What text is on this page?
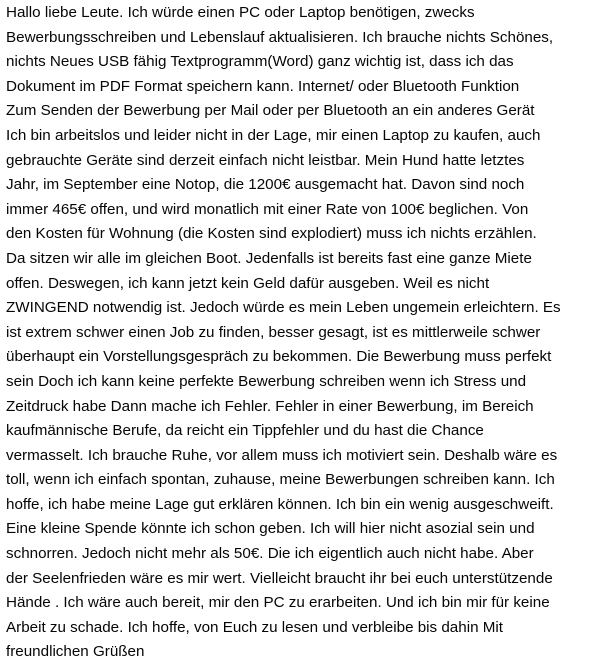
Hallo liebe Leute. Ich würde einen PC oder Laptop benötigen, zwecks
Bewerbungsschreiben und Lebenslauf aktualisieren. Ich brauche nichts Schönes,
nichts Neues USB fähig Textprogramm(Word) ganz wichtig ist, dass ich das
Dokument im PDF Format speichern kann. Internet/ oder Bluetooth Funktion
Zum Senden der Bewerbung per Mail oder per Bluetooth an ein anderes Gerät
Ich bin arbeitslos und leider nicht in der Lage, mir einen Laptop zu kaufen, auch
gebrauchte Geräte sind derzeit einfach nicht leistbar. Mein Hund hatte letztes
Jahr, im September eine Notop, die 1200€ ausgemacht hat. Davon sind noch
immer 465€ offen, und wird monatlich mit einer Rate von 100€ beglichen. Von
den Kosten für Wohnung (die Kosten sind explodiert) muss ich nichts erzählen.
Da sitzen wir alle im gleichen Boot. Jedenfalls ist bereits fast eine ganze Miete
offen. Deswegen, ich kann jetzt kein Geld dafür ausgeben. Weil es nicht
ZWINGEND notwendig ist. Jedoch würde es mein Leben ungemein erleichtern. Es
ist extrem schwer einen Job zu finden, besser gesagt, ist es mittlerweile schwer
überhaupt ein Vorstellungsgespräch zu bekommen. Die Bewerbung muss perfekt
sein Doch ich kann keine perfekte Bewerbung schreiben wenn ich Stress und
Zeitdruck habe Dann mache ich Fehler. Fehler in einer Bewerbung, im Bereich
kaufmännische Berufe, da reicht ein Tippfehler und du hast die Chance
vermasselt. Ich brauche Ruhe, vor allem muss ich motiviert sein. Deshalb wäre es
toll, wenn ich einfach spontan, zuhause, meine Bewerbungen schreiben kann. Ich
hoffe, ich habe meine Lage gut erklären können. Ich bin ein wenig ausgeschweift.
Eine kleine Spende könnte ich schon geben. Ich will hier nicht asozial sein und
schnorren. Jedoch nicht mehr als 50€. Die ich eigentlich auch nicht habe. Aber
der Seelenfrieden wäre es mir wert. Vielleicht braucht ihr bei euch unterstützende
Hände . Ich wäre auch bereit, mir den PC zu erarbeiten. Und ich bin mir für keine
Arbeit zu schade. Ich hoffe, von Euch zu lesen und verbleibe bis dahin Mit
freundlichen Grüßen
